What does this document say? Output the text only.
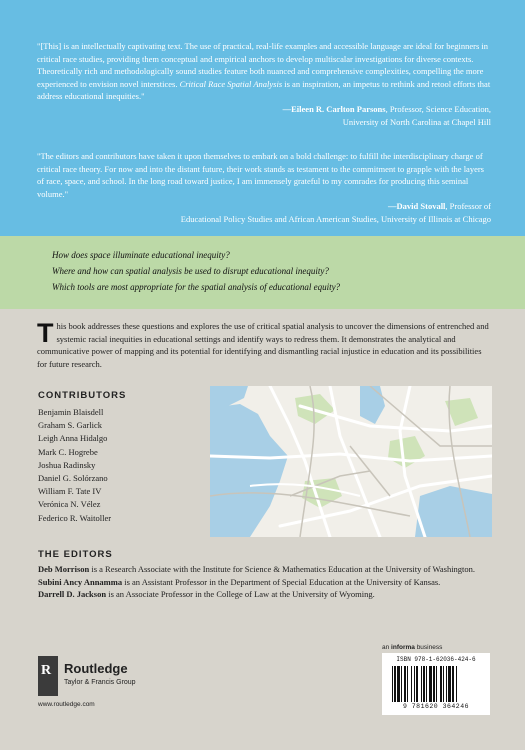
"[This] is an intellectually captivating text. The use of practical, real-life examples and accessible language are ideal for beginners in critical race studies, providing them conceptual and empirical anchors to develop multiscalar investigations for diverse contexts. Theoretically rich and methodologically sound studies feature both nuanced and comprehensive complexities, compelling the more experienced to envision novel interstices. Critical Race Spatial Analysis is an inspiration, an impetus to rethink and retool efforts that address educational inequities."
—Eileen R. Carlton Parsons, Professor, Science Education,
University of North Carolina at Chapel Hill
"The editors and contributors have taken it upon themselves to embark on a bold challenge: to fulfill the interdisciplinary charge of critical race theory. For now and into the distant future, their work stands as testament to the commitment to grapple with the layers of race, space, and school. In the long road toward justice, I am immensely grateful to my comrades for producing this seminal volume."
—David Stovall, Professor of
Educational Policy Studies and African American Studies, University of Illinois at Chicago
How does space illuminate educational inequity?
Where and how can spatial analysis be used to disrupt educational inequity?
Which tools are most appropriate for the spatial analysis of educational equity?
This book addresses these questions and explores the use of critical spatial analysis to uncover the dimensions of entrenched and systemic racial inequities in educational settings and identify ways to redress them. It demonstrates the analytical and communicative power of mapping and its potential for identifying and dismantling racial injustice in education and its possibilities for future research.
CONTRIBUTORS
Benjamin Blaisdell
Graham S. Garlick
Leigh Anna Hidalgo
Mark C. Hogrebe
Joshua Radinsky
Daniel G. Solórzano
William F. Tate IV
Verónica N. Vélez
Federico R. Waitoller
THE EDITORS

Deb Morrison is a Research Associate with the Institute for Science & Mathematics Education at the University of Washington.

Subini Ancy Annamma is an Assistant Professor in the Department of Special Education at the University of Kansas.

Darrell D. Jackson is an Associate Professor in the College of Law at the University of Wyoming.

R Routledge
Taylor & Francis Group
www.routledge.com
an informa business
ISBN 978-1-62036-424-6
9 781620 364246
